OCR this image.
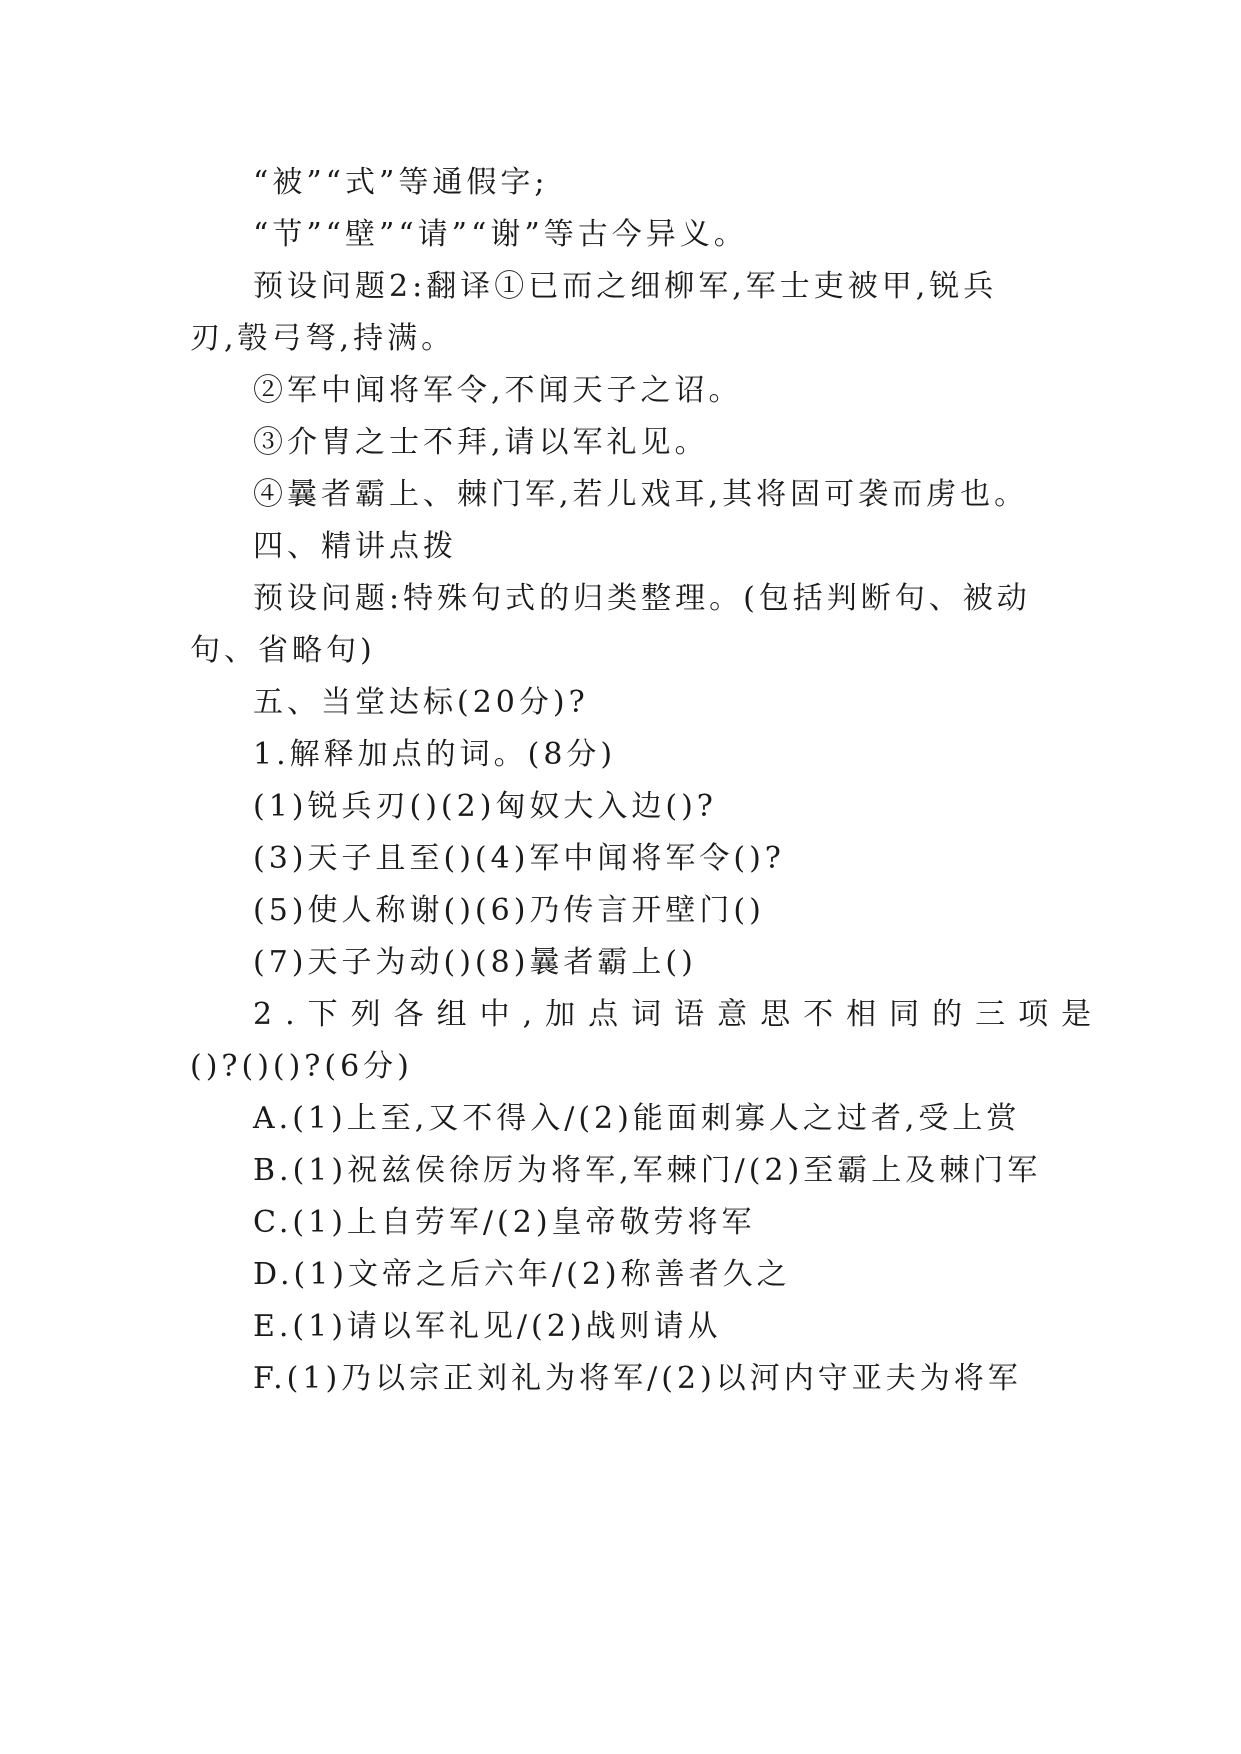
“被”“式”等通假字;
“节”“壁”“请”“谢”等古今异义。
预设问题2:翻译①已而之细柳军,军士吏被甲,锐兵
刃,彀弓弩,持满。
②军中闻将军令,不闻天子之诏。
③介胄之士不拜,请以军礼见。
④曩者霸上、棘门军,若儿戏耳,其将固可袭而虏也。
四、精讲点拨
预设问题:特殊句式的归类整理。(包括判断句、被动
句、省略句)
五、当堂达标(20分)?
1.解释加点的词。(8分)
(1)锐兵刃()(2)匈奴大入边()?
(3)天子且至()(4)军中闻将军令()?
(5)使人称谢()(6)乃传言开壁门()
(7)天子为动()(8)曩者霸上()
2.下列各组中,加点词语意思不相同的三项是
()?()()?(6分)
A.(1)上至,又不得入/(2)能面刺寡人之过者,受上赏
B.(1)祝兹侯徐厉为将军,军棘门/(2)至霸上及棘门军
C.(1)上自劳军/(2)皇帝敬劳将军
D.(1)文帝之后六年/(2)称善者久之
E.(1)请以军礼见/(2)战则请从
F.(1)乃以宗正刘礼为将军/(2)以河内守亚夫为将军
